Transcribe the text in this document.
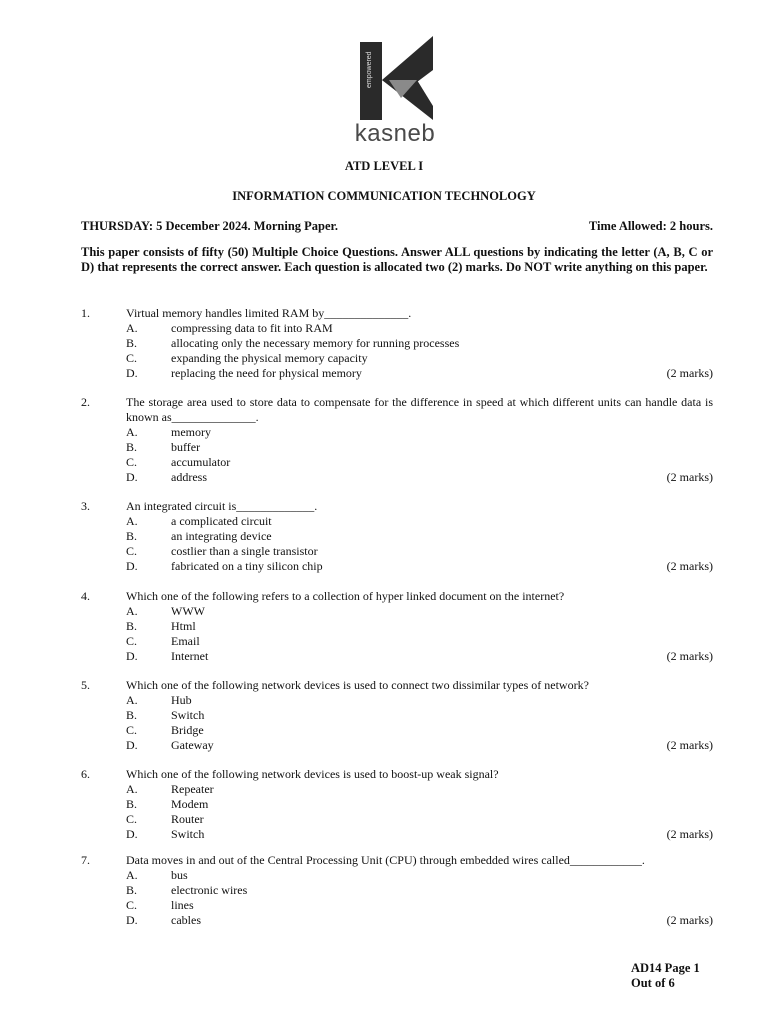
empowered
kasneb
ATD LEVEL I
INFORMATION COMMUNICATION TECHNOLOGY
THURSDAY: 5 December 2024. Morning Paper.	Time Allowed: 2 hours.
This paper consists of fifty (50) Multiple Choice Questions. Answer ALL questions by indicating the letter (A, B, C or D) that represents the correct answer. Each question is allocated two (2) marks. Do NOT write anything on this paper.
1.	Virtual memory handles limited RAM by______________.
A.	compressing data to fit into RAM
B.	allocating only the necessary memory for running processes
C.	expanding the physical memory capacity
D.	replacing the need for physical memory	(2 marks)
2.	The storage area used to store data to compensate for the difference in speed at which different units can handle data is known as______________.
A.	memory
B.	buffer
C.	accumulator
D.	address	(2 marks)
3.	An integrated circuit is_____________.
A.	a complicated circuit
B.	an integrating device
C.	costlier than a single transistor
D.	fabricated on a tiny silicon chip	(2 marks)
4.	Which one of the following refers to a collection of hyper linked document on the internet?
A.	WWW
B.	Html
C.	Email
D.	Internet	(2 marks)
5.	Which one of the following network devices is used to connect two dissimilar types of network?
A.	Hub
B.	Switch
C.	Bridge
D.	Gateway	(2 marks)
6.	Which one of the following network devices is used to boost-up weak signal?
A.	Repeater
B.	Modem
C.	Router
D.	Switch	(2 marks)
7.	Data moves in and out of the Central Processing Unit (CPU) through embedded wires called____________.
A.	bus
B.	electronic wires
C.	lines
D.	cables	(2 marks)
AD14 Page 1
Out of 6
